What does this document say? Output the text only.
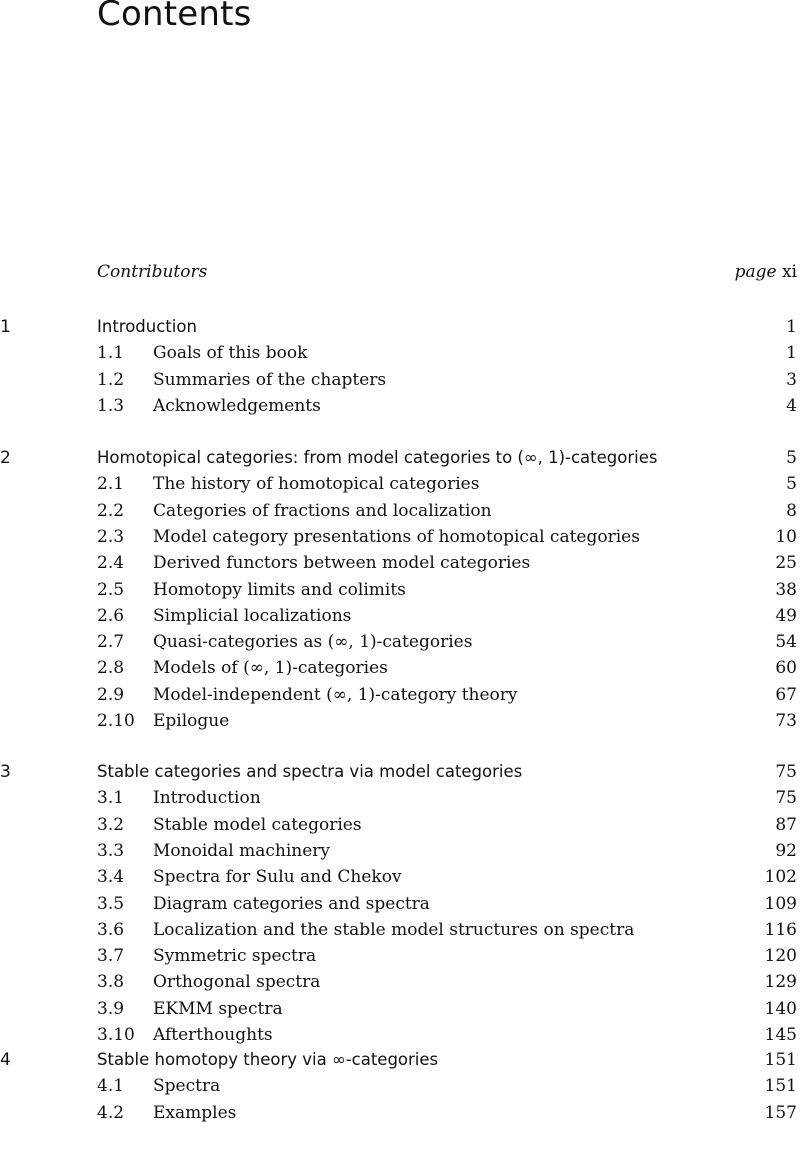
Contents
Contributors	page xi
1	Introduction	1
1.1 Goals of this book	1
1.2 Summaries of the chapters	3
1.3 Acknowledgements	4
2	Homotopical categories: from model categories to (∞, 1)-categories	5
2.1 The history of homotopical categories	5
2.2 Categories of fractions and localization	8
2.3 Model category presentations of homotopical categories	10
2.4 Derived functors between model categories	25
2.5 Homotopy limits and colimits	38
2.6 Simplicial localizations	49
2.7 Quasi-categories as (∞, 1)-categories	54
2.8 Models of (∞, 1)-categories	60
2.9 Model-independent (∞, 1)-category theory	67
2.10 Epilogue	73
3	Stable categories and spectra via model categories	75
3.1 Introduction	75
3.2 Stable model categories	87
3.3 Monoidal machinery	92
3.4 Spectra for Sulu and Chekov	102
3.5 Diagram categories and spectra	109
3.6 Localization and the stable model structures on spectra	116
3.7 Symmetric spectra	120
3.8 Orthogonal spectra	129
3.9 EKMM spectra	140
3.10 Afterthoughts	145
4	Stable homotopy theory via ∞-categories	151
4.1 Spectra	151
4.2 Examples	157
